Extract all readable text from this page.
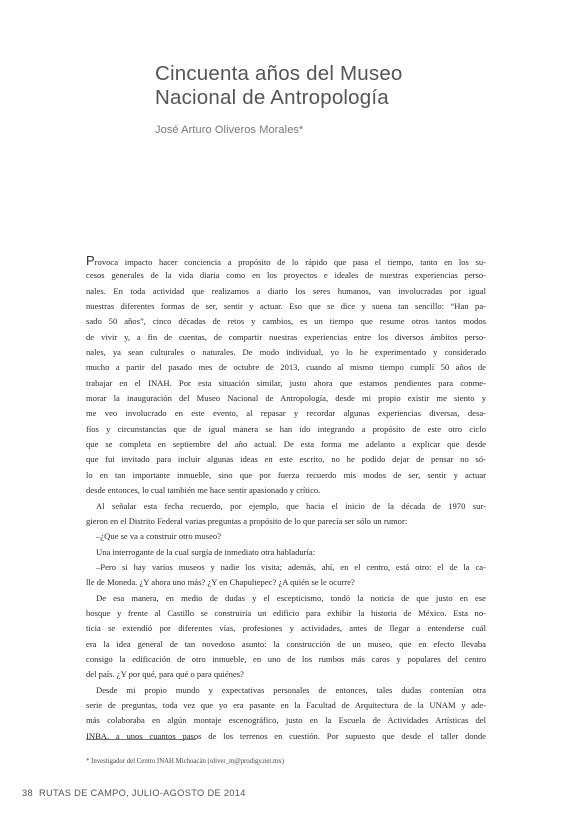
Cincuenta años del Museo
Nacional de Antropología
José Arturo Oliveros Morales*
Provoca impacto hacer conciencia a propósito de lo rápido que pasa el tiempo, tanto en los su-
cesos generales de la vida diaria como en los proyectos e ideales de nuestras experiencias perso-
nales. En toda actividad que realizamos a diario los seres humanos, van involucradas por igual
nuestras diferentes formas de ser, sentir y actuar. Eso que se dice y suena tan sencillo: “Han pa-
sado 50 años”, cinco décadas de retos y cambios, es un tiempo que resume otros tantos modos
de vivir y, a fin de cuentas, de compartir nuestras experiencias entre los diversos ámbitos perso-
nales, ya sean culturales o naturales. De modo individual, yo lo he experimentado y considerado
mucho a partir del pasado mes de octubre de 2013, cuando al mismo tiempo cumplí 50 años de
trabajar en el INAH. Por esta situación similar, justo ahora que estamos pendientes para conme-
morar la inauguración del Museo Nacional de Antropología, desde mi propio existir me siento y
me veo involucrado en este evento, al repasar y recordar algunas experiencias diversas, desa-
fíos y circunstancias que de igual manera se han ido integrando a propósito de este otro ciclo
que se completa en septiembre del año actual. De esta forma me adelanto a explicar que desde
que fui invitado para incluir algunas ideas en este escrito, no he podido dejar de pensar no só-
lo en tan importante inmueble, sino que por fuerza recuerdo mis modos de ser, sentir y actuar
desde entonces, lo cual también me hace sentir apasionado y crítico.
Al señalar esta fecha recuerdo, por ejemplo, que hacia el inicio de la década de 1970 sur-
gieron en el Distrito Federal varias preguntas a propósito de lo que parecía ser sólo un rumor:
–¿Que se va a construir otro museo?
Una interrogante de la cual surgía de inmediato otra habladuría:
–Pero si hay varios museos y nadie los visita; además, ahí, en el centro, está otro: el de la ca-
lle de Moneda. ¿Y ahora uno más? ¿Y en Chapultepec? ¿A quién se le ocurre?
De esa manera, en medio de dudas y el escepticismo, tondó la noticia de que justo en ese
bosque y frente al Castillo se construiría un edificio para exhibir la historia de México. Esta no-
ticia se extendió por diferentes vías, profesiones y actividades, antes de llegar a entenderse cuál
era la idea general de tan novedoso asunto: la construcción de un museo, que en efecto llevaba
consigo la edificación de otro inmueble, en uno de los rumbos más caros y populares del centro
del país. ¿Y por qué, para qué o para quiénes?
Desde mi propio mundo y expectativas personales de entonces, tales dudas contenían otra
serie de preguntas, toda vez que yo era pasante en la Facultad de Arquitectura de la UNAM y ade-
más colaboraba en algún montaje escenográfico, justo en la Escuela de Actividades Artísticas del
INBA, a unos cuantos pasos de los terrenos en cuestión. Por supuesto que desde el taller donde
* Investigador del Centro INAH Michoacán (oliver_m@prodigy.net.mx)
38 RUTAS DE CAMPO, JULIO-AGOSTO DE 2014
